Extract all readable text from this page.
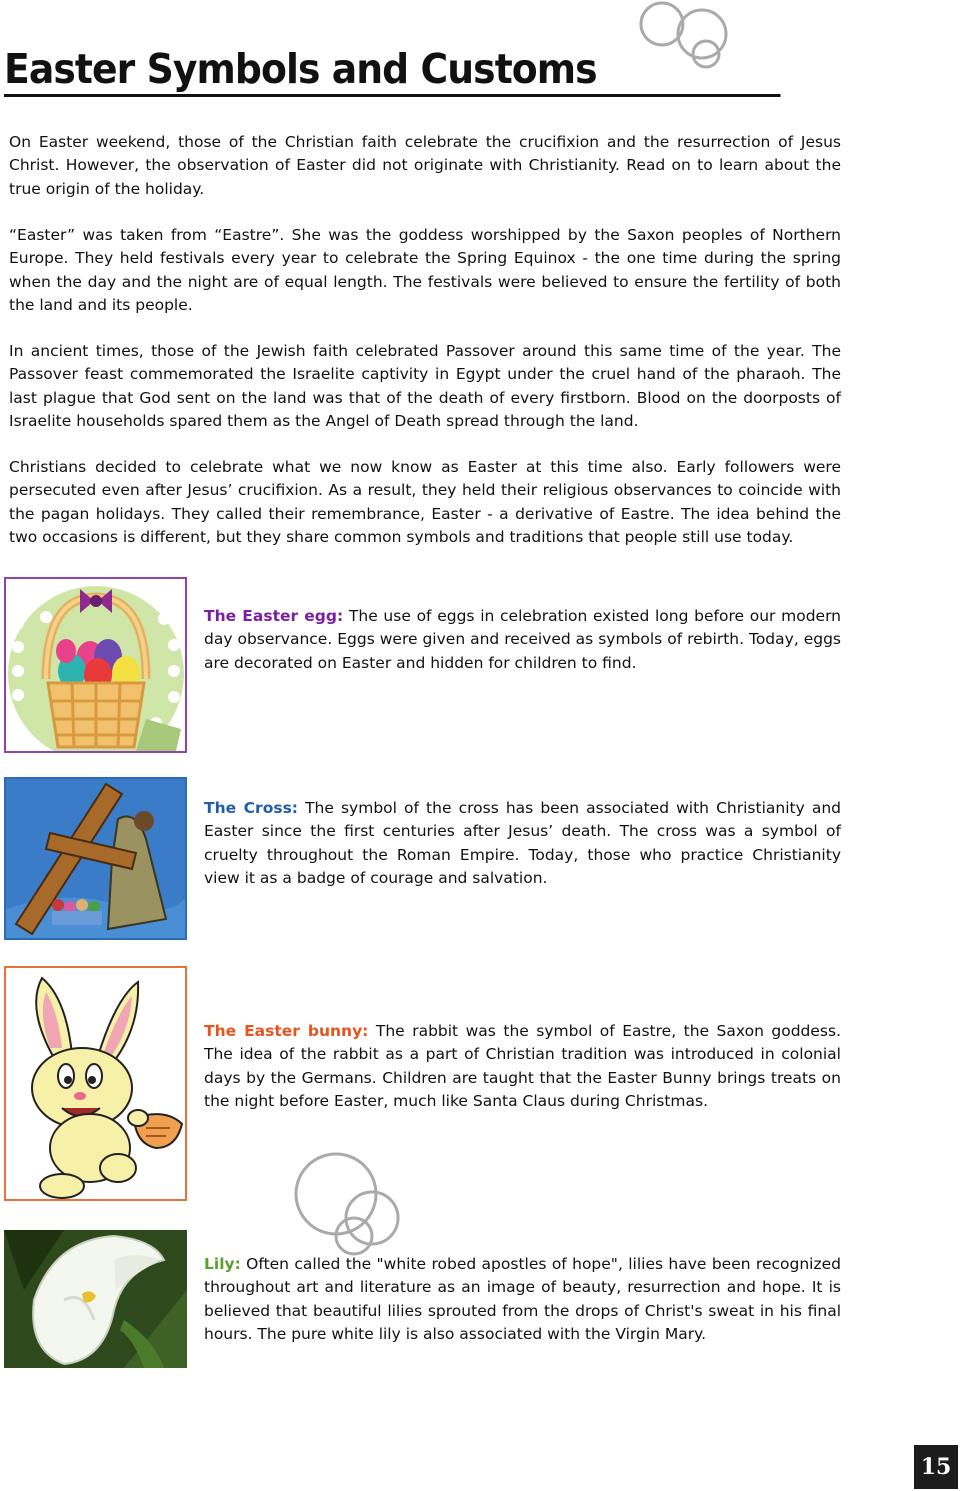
Easter Symbols and Customs

On Easter weekend, those of the Christian faith celebrate the crucifixion and the resurrection of Jesus Christ. However, the observation of Easter did not originate with Christianity. Read on to learn about the true origin of the holiday.

“Easter” was taken from “Eastre”. She was the goddess worshipped by the Saxon peoples of Northern Europe. They held festivals every year to celebrate the Spring Equinox - the one time during the spring when the day and the night are of equal length. The festivals were believed to ensure the fertility of both the land and its people.

In ancient times, those of the Jewish faith celebrated Passover around this same time of the year. The Passover feast commemorated the Israelite captivity in Egypt under the cruel hand of the pharaoh. The last plague that God sent on the land was that of the death of every firstborn. Blood on the doorposts of Israelite households spared them as the Angel of Death spread through the land.

Christians decided to celebrate what we now know as Easter at this time also. Early followers were persecuted even after Jesus’ crucifixion. As a result, they held their religious observances to coincide with the pagan holidays. They called their remembrance, Easter - a derivative of Eastre. The idea behind the two occasions is different, but they share common symbols and traditions that people still use today.

The Easter egg: The use of eggs in celebration existed long before our modern day observance. Eggs were given and received as symbols of rebirth. Today, eggs are decorated on Easter and hidden for children to find.

The Cross: The symbol of the cross has been associated with Christianity and Easter since the first centuries after Jesus’ death. The cross was a symbol of cruelty throughout the Roman Empire. Today, those who practice Christianity view it as a badge of courage and salvation.

The Easter bunny: The rabbit was the symbol of Eastre, the Saxon goddess. The idea of the rabbit as a part of Christian tradition was introduced in colonial days by the Germans. Children are taught that the Easter Bunny brings treats on the night before Easter, much like Santa Claus during Christmas.

Lily: Often called the "white robed apostles of hope", lilies have been recognized throughout art and literature as an image of beauty, resurrection and hope. It is believed that beautiful lilies sprouted from the drops of Christ's sweat in his final hours. The pure white lily is also associated with the Virgin Mary.

15
